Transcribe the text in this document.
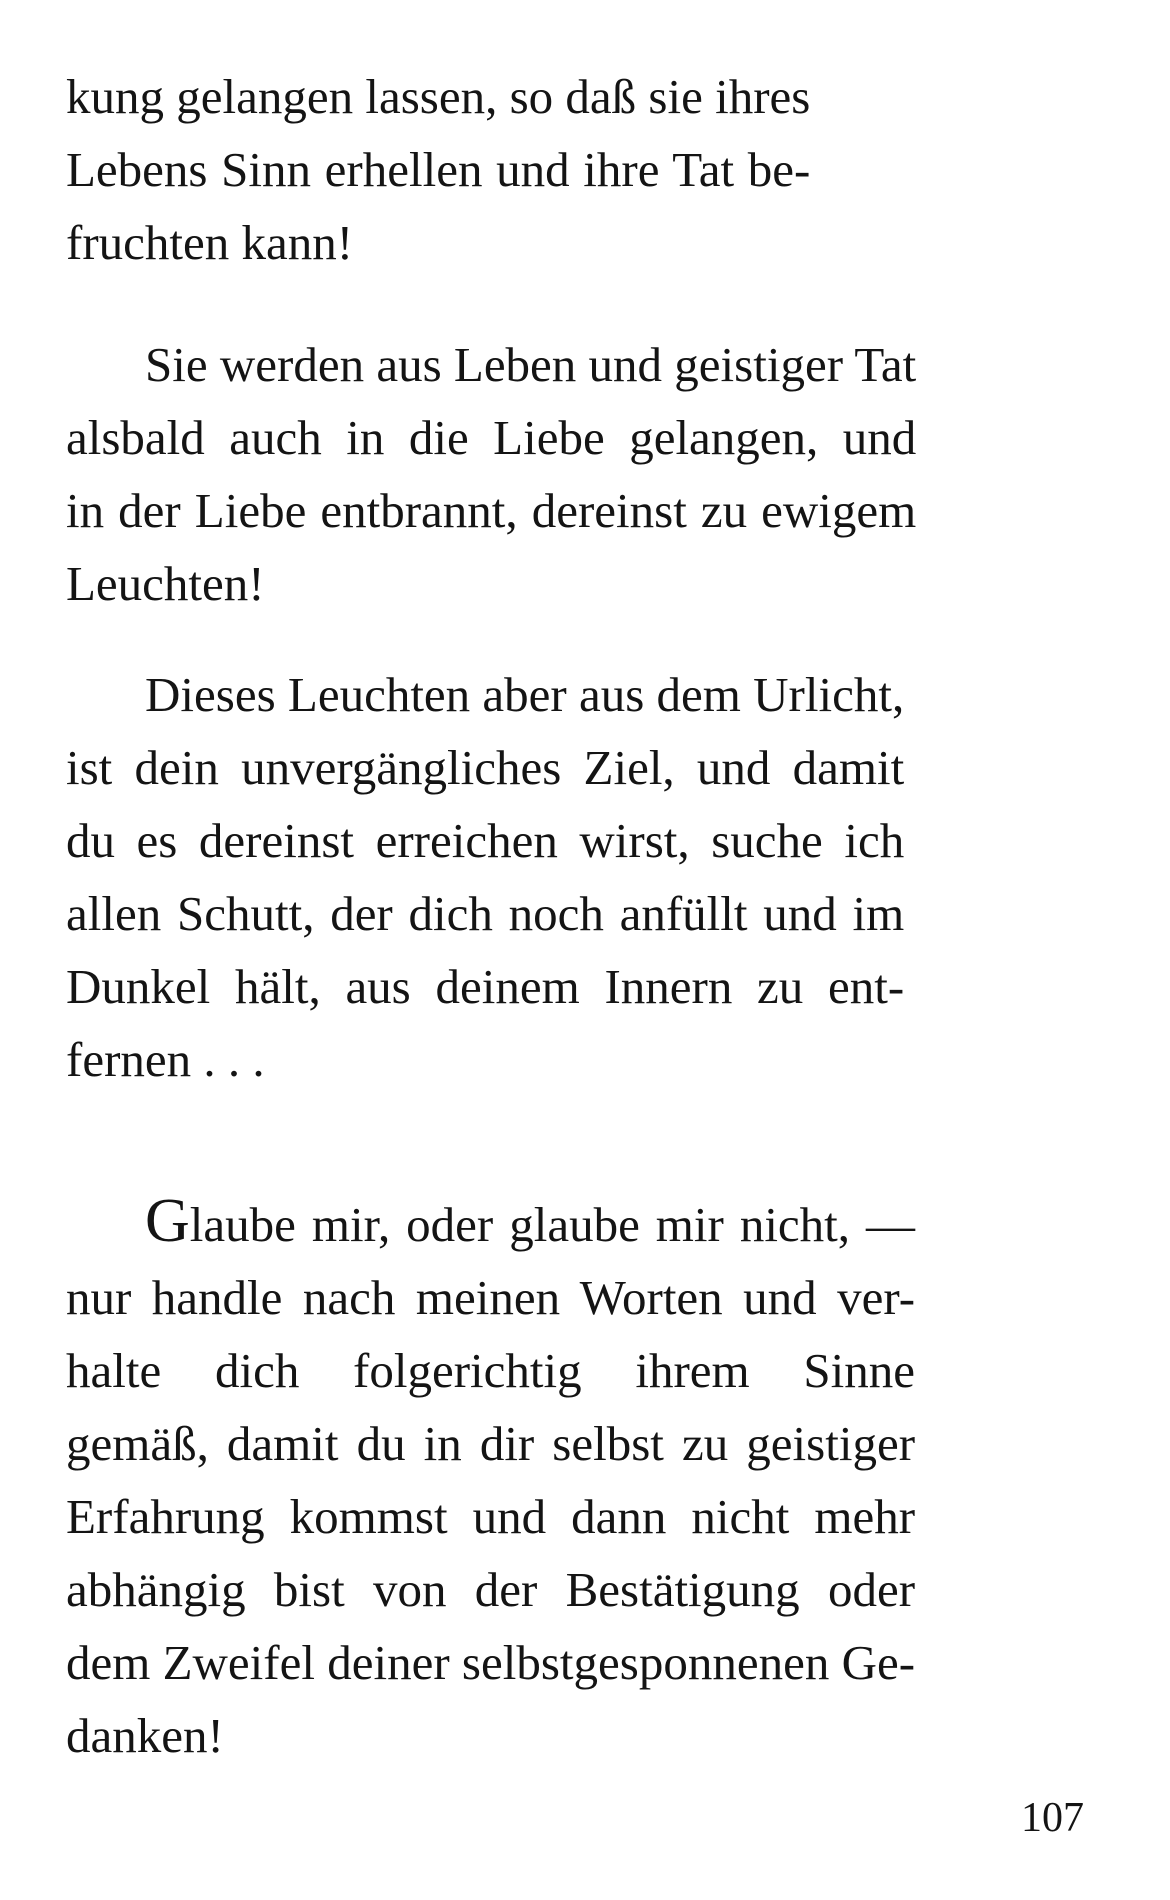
kung gelangen lassen, so daß sie ihres
Lebens Sinn erhellen und ihre Tat be-
fruchten kann!

Sie werden aus Leben und geistiger Tat
alsbald auch in die Liebe gelangen, und
in der Liebe entbrannt, dereinst zu ewigem
Leuchten!

Dieses Leuchten aber aus dem Urlicht,
ist dein unvergängliches Ziel, und damit
du es dereinst erreichen wirst, suche ich
allen Schutt, der dich noch anfüllt und im
Dunkel hält, aus deinem Innern zu ent-
fernen . . .

Glaube mir, oder glaube mir nicht, —
nur handle nach meinen Worten und ver-
halte dich folgerichtig ihrem Sinne
gemäß, damit du in dir selbst zu geistiger
Erfahrung kommst und dann nicht mehr
abhängig bist von der Bestätigung oder
dem Zweifel deiner selbstgesponnenen Ge-
danken!

107
